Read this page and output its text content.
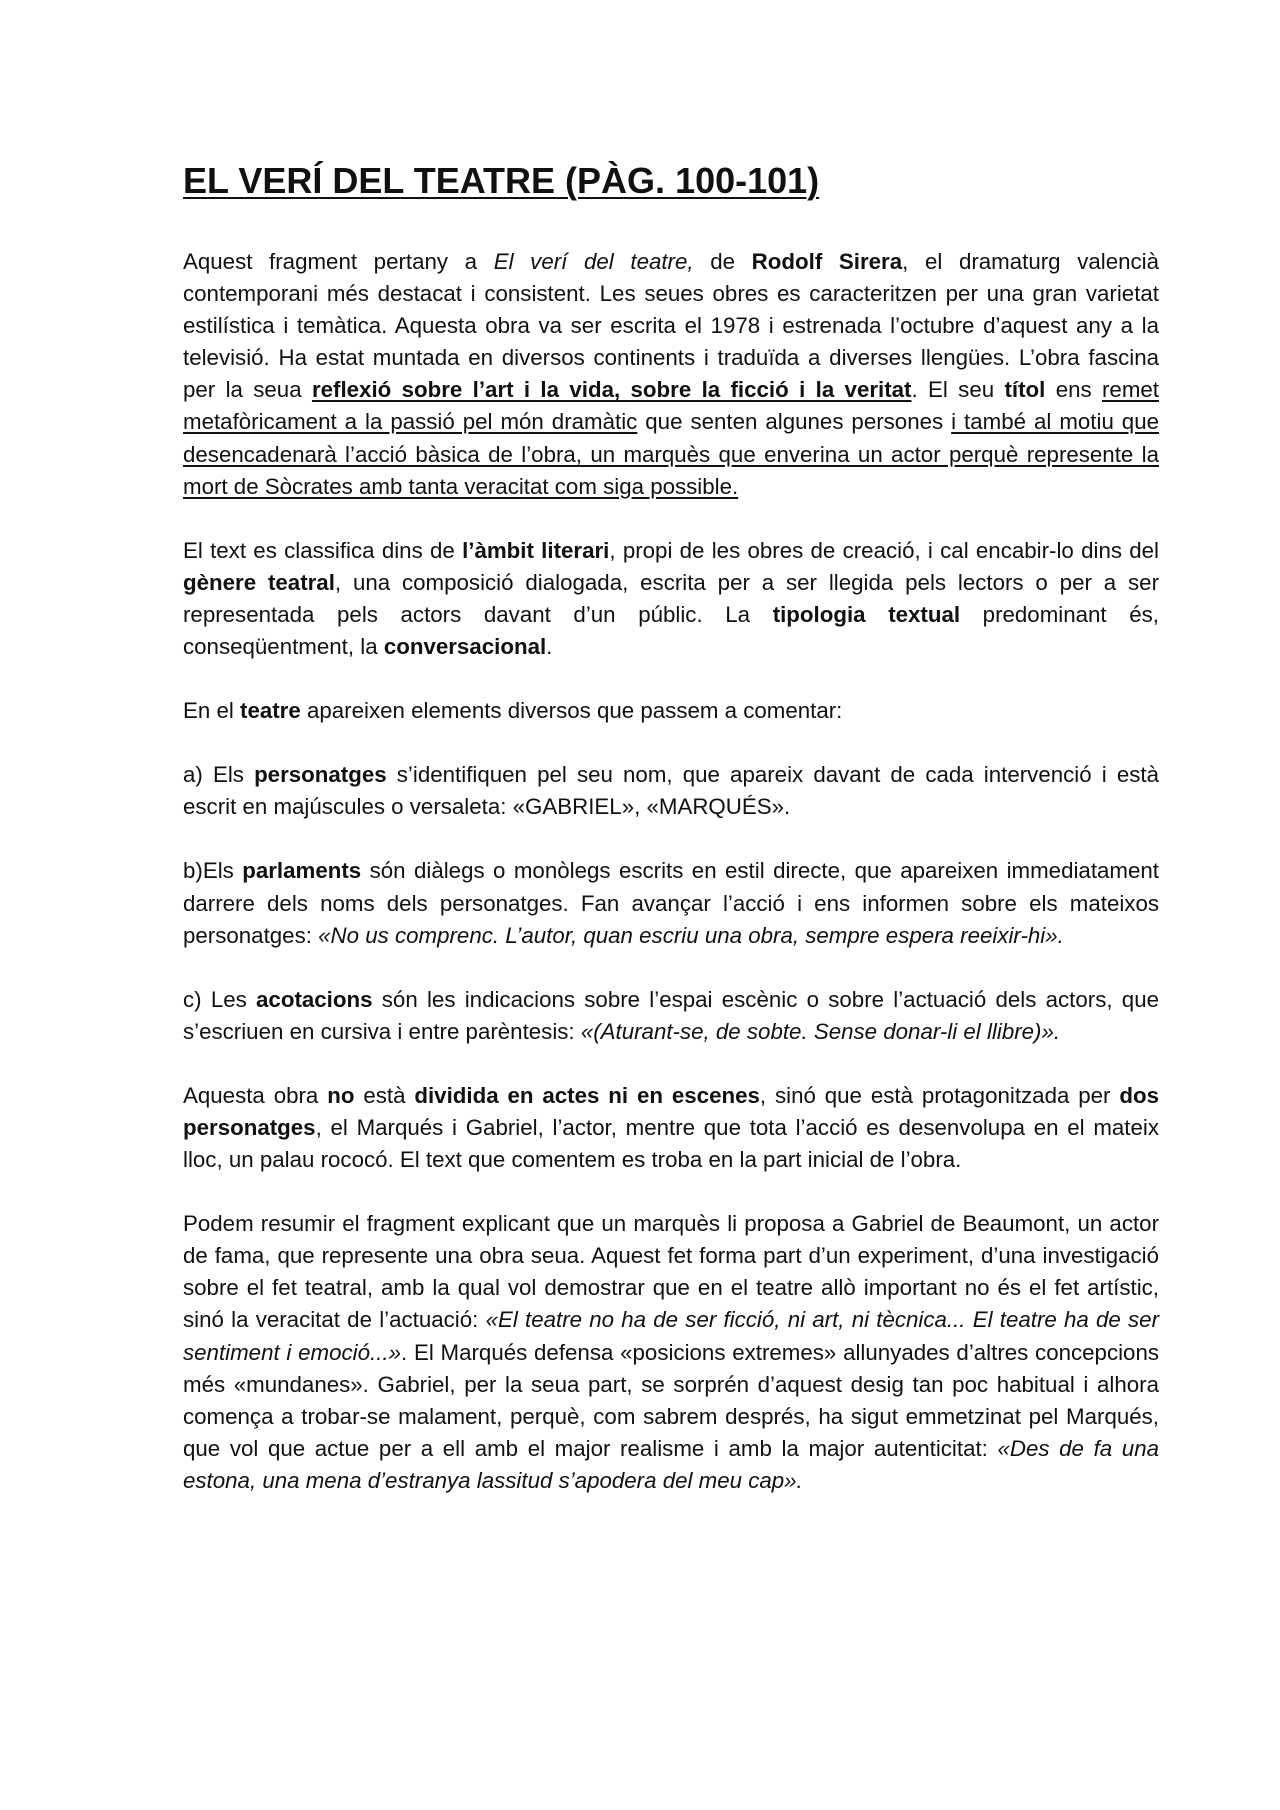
EL VERÍ DEL TEATRE (PÀG. 100-101)

Aquest fragment pertany a El verí del teatre, de Rodolf Sirera, el dramaturg valencià contemporani més destacat i consistent. Les seues obres es caracteritzen per una gran varietat estilística i temàtica. Aquesta obra va ser escrita el 1978 i estrenada l’octubre d’aquest any a la televisió. Ha estat muntada en diversos continents i traduïda a diverses llengües. L’obra fascina per la seua reflexió sobre l’art i la vida, sobre la ficció i la veritat. El seu títol ens remet metafòricament a la passió pel món dramàtic que senten algunes persones i també al motiu que desencadenarà l’acció bàsica de l’obra, un marquès que enverina un actor perquè represente la mort de Sòcrates amb tanta veracitat com siga possible.

El text es classifica dins de l’àmbit literari, propi de les obres de creació, i cal encabir-lo dins del gènere teatral, una composició dialogada, escrita per a ser llegida pels lectors o per a ser representada pels actors davant d’un públic. La tipologia textual predominant és, conseqüentment, la conversacional.

En el teatre apareixen elements diversos que passem a comentar:

a) Els personatges s’identifiquen pel seu nom, que apareix davant de cada intervenció i està escrit en majúscules o versaleta: «GABRIEL», «MARQUÉS».

b)Els parlaments són diàlegs o monòlegs escrits en estil directe, que apareixen immediatament darrere dels noms dels personatges. Fan avançar l’acció i ens informen sobre els mateixos personatges: «No us comprenc. L’autor, quan escriu una obra, sempre espera reeixir-hi».

c) Les acotacions són les indicacions sobre l’espai escènic o sobre l’actuació dels actors, que s’escriuen en cursiva i entre parèntesis: «(Aturant-se, de sobte. Sense donar-li el llibre)».

Aquesta obra no està dividida en actes ni en escenes, sinó que està protagonitzada per dos personatges, el Marqués i Gabriel, l’actor, mentre que tota l’acció es desenvolupa en el mateix lloc, un palau rococó. El text que comentem es troba en la part inicial de l’obra.

Podem resumir el fragment explicant que un marquès li proposa a Gabriel de Beaumont, un actor de fama, que represente una obra seua. Aquest fet forma part d’un experiment, d’una investigació sobre el fet teatral, amb la qual vol demostrar que en el teatre allò important no és el fet artístic, sinó la veracitat de l’actuació: «El teatre no ha de ser ficció, ni art, ni tècnica... El teatre ha de ser sentiment i emoció...». El Marqués defensa «posicions extremes» allunyades d’altres concepcions més «mundanes». Gabriel, per la seua part, se sorprén d’aquest desig tan poc habitual i alhora comença a trobar-se malament, perquè, com sabrem després, ha sigut emmetzinat pel Marqués, que vol que actue per a ell amb el major realisme i amb la major autenticitat: «Des de fa una estona, una mena d’estranya lassitud s’apodera del meu cap».
